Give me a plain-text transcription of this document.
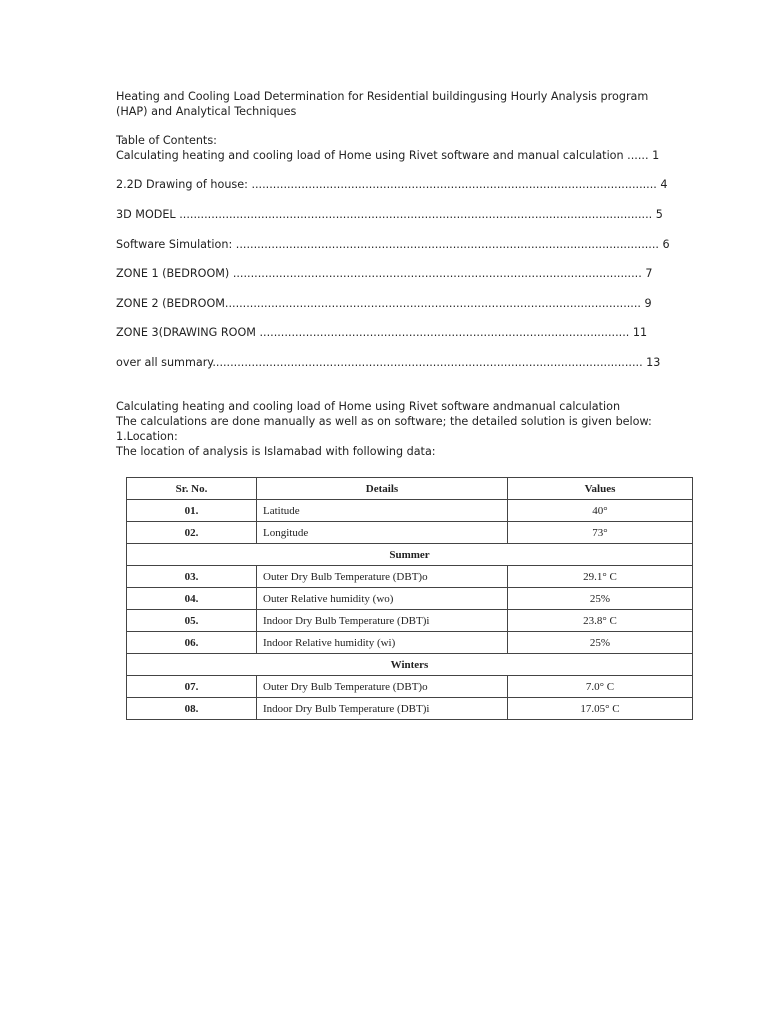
Heating and Cooling Load Determination for Residential buildingusing Hourly Analysis program (HAP) and Analytical Techniques

Table of Contents:

Calculating heating and cooling load of Home using Rivet software and manual calculation ...... 1

2.2D Drawing of house: .................................................................................................................. 4

3D MODEL ..................................................................................................................................... 5

Software Simulation: ....................................................................................................................... 6

ZONE 1 (BEDROOM) ................................................................................................................... 7

ZONE 2 (BEDROOM..................................................................................................................... 9

ZONE 3(DRAWING ROOM ........................................................................................................ 11

over all summary......................................................................................................................... 13

Calculating heating and cooling load of Home using Rivet software andmanual calculation

The calculations are done manually as well as on software; the detailed solution is given below:

1.Location:

The location of analysis is Islamabad with following data:

Sr. No.	Details	Values
01.	Latitude	40°
02.	Longitude	73°
Summer		
03.	Outer Dry Bulb Temperature (DBT)o	29.1° C
04.	Outer Relative humidity (wo)	25%
05.	Indoor Dry Bulb Temperature (DBT)i	23.8° C
06.	Indoor Relative humidity (wi)	25%
Winters		
07.	Outer Dry Bulb Temperature (DBT)o	7.0° C
08.	Indoor Dry Bulb Temperature (DBT)i	17.05° C
